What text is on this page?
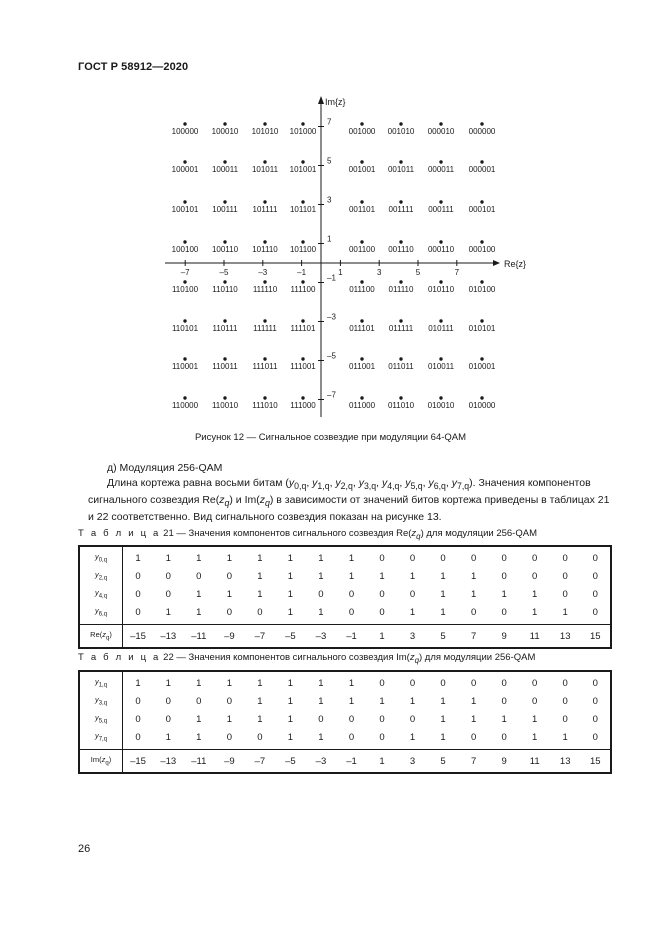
ГОСТ Р 58912—2020
Re{z}
Im{z}
–7	–5	–3	–1	1	3	5	7
7
5
3
1
–1
–3
–5
–7
100000 100010 101010 101000	001000 001010 000010 000000
100001 100011 101011 101001	001001 001011 000011 000001
100101 100111 101111 101101	001101 001111 000111 000101
100100 100110 101110 101100	001100 001110 000110 000100
110100 110110 111110 111100	011100 011110 010110 010100
110101 110111 111111 111101	011101 011111 010111 010101
110001 110011 111011 111001	011001 011011 010011 010001
110000 110010 111010 111000	011000 011010 010010 010000
Рисунок 12 — Сигнальное созвездие при модуляции 64-QAM
д) Модуляция 256-QAM
Длина кортежа равна восьми битам ($y_{0,q}$, $y_{1,q}$, $y_{2,q}$, $y_{3,q}$, $y_{4,q}$, $y_{5,q}$, $y_{6,q}$, $y_{7,q}$). Значения компонентов сигнального созвездия $Re(z_q)$ и $Im(z_q)$ в зависимости от значений битов кортежа приведены в таблицах 21 и 22 соответственно. Вид сигнального созвездия показан на рисунке 13.
Т а б л и ц а 21 — Значения компонентов сигнального созвездия $Re(z_q)$ для модуляции 256-QAM
$y_{0,q}$	1	1	1	1	1	1	1	1	0	0	0	0	0	0	0	0
$y_{2,q}$	0	0	0	0	1	1	1	1	1	1	1	1	0	0	0	0
$y_{4,q}$	0	0	1	1	1	1	0	0	0	0	1	1	1	1	0	0
$y_{6,q}$	0	1	1	0	0	1	1	0	0	1	1	0	0	1	1	0
$Re(z_q)$	–15	–13	–11	–9	–7	–5	–3	–1	1	3	5	7	9	11	13	15
Т а б л и ц а 22 — Значения компонентов сигнального созвездия $Im(z_q)$ для модуляции 256-QAM
$y_{1,q}$	1	1	1	1	1	1	1	1	0	0	0	0	0	0	0	0
$y_{3,q}$	0	0	0	0	1	1	1	1	1	1	1	1	0	0	0	0
$y_{5,q}$	0	0	1	1	1	1	0	0	0	0	1	1	1	1	0	0
$y_{7,q}$	0	1	1	0	0	1	1	0	0	1	1	0	0	1	1	0
$Im(z_q)$	–15	–13	–11	–9	–7	–5	–3	–1	1	3	5	7	9	11	13	15
26
